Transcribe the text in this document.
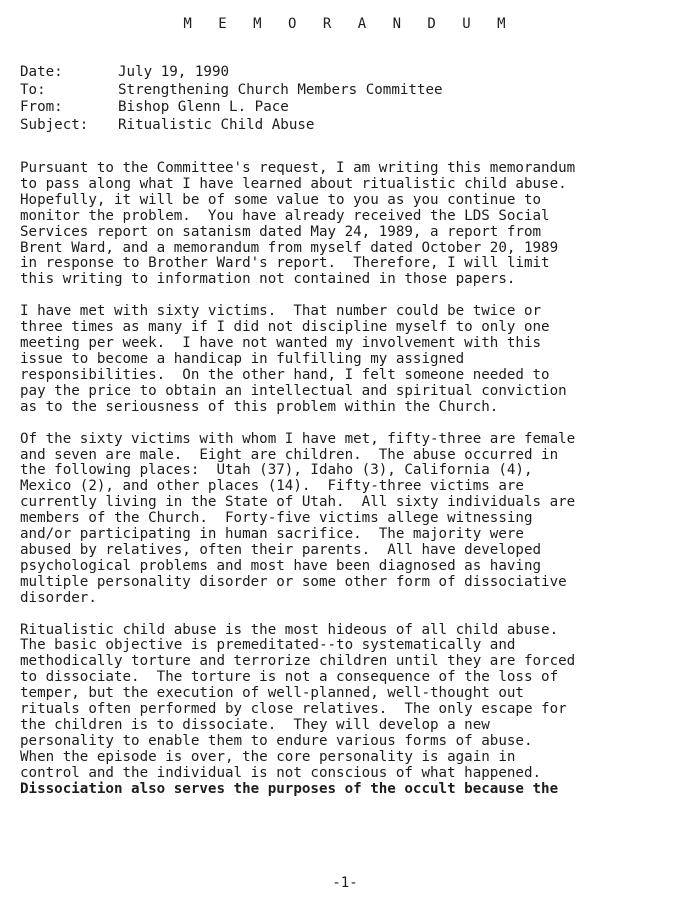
M E M O R A N D U M
Date:	July 19, 1990
To:	Strengthening Church Members Committee
From:	Bishop Glenn L. Pace
Subject:	Ritualistic Child Abuse
Pursuant to the Committee's request, I am writing this memorandum
to pass along what I have learned about ritualistic child abuse.
Hopefully, it will be of some value to you as you continue to
monitor the problem.  You have already received the LDS Social
Services report on satanism dated May 24, 1989, a report from
Brent Ward, and a memorandum from myself dated October 20, 1989
in response to Brother Ward's report.  Therefore, I will limit
this writing to information not contained in those papers.
I have met with sixty victims.  That number could be twice or
three times as many if I did not discipline myself to only one
meeting per week.  I have not wanted my involvement with this
issue to become a handicap in fulfilling my assigned
responsibilities.  On the other hand, I felt someone needed to
pay the price to obtain an intellectual and spiritual conviction
as to the seriousness of this problem within the Church.
Of the sixty victims with whom I have met, fifty-three are female
and seven are male.  Eight are children.  The abuse occurred in
the following places:  Utah (37), Idaho (3), California (4),
Mexico (2), and other places (14).  Fifty-three victims are
currently living in the State of Utah.  All sixty individuals are
members of the Church.  Forty-five victims allege witnessing
and/or participating in human sacrifice.  The majority were
abused by relatives, often their parents.  All have developed
psychological problems and most have been diagnosed as having
multiple personality disorder or some other form of dissociative
disorder.
Ritualistic child abuse is the most hideous of all child abuse.
The basic objective is premeditated--to systematically and
methodically torture and terrorize children until they are forced
to dissociate.  The torture is not a consequence of the loss of
temper, but the execution of well-planned, well-thought out
rituals often performed by close relatives.  The only escape for
the children is to dissociate.  They will develop a new
personality to enable them to endure various forms of abuse.
When the episode is over, the core personality is again in
control and the individual is not conscious of what happened.
Dissociation also serves the purposes of the occult because the
-1-
